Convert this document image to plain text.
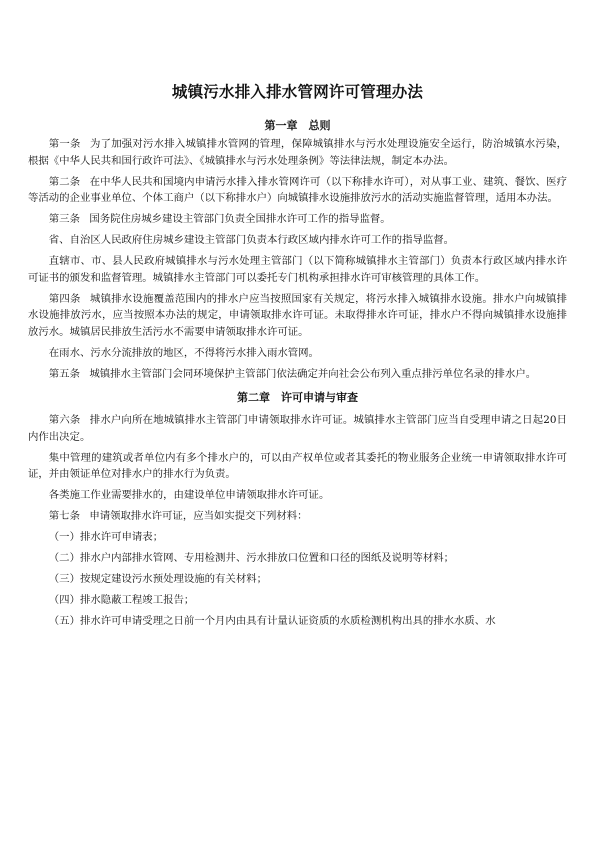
城镇污水排入排水管网许可管理办法
第一章　总则

第一条 为了加强对污水排入城镇排水管网的管理，保障城镇排水与污水处理设施安全运行，防治城镇水污染，根据《中华人民共和国行政许可法》、《城镇排水与污水处理条例》等法律法规，制定本办法。

第二条 在中华人民共和国境内申请污水排入排水管网许可（以下称排水许可），对从事工业、建筑、餐饮、医疗等活动的企业事业单位、个体工商户（以下称排水户）向城镇排水设施排放污水的活动实施监督管理，适用本办法。

第三条 国务院住房城乡建设主管部门负责全国排水许可工作的指导监督。

省、自治区人民政府住房城乡建设主管部门负责本行政区域内排水许可工作的指导监督。

直辖市、市、县人民政府城镇排水与污水处理主管部门（以下简称城镇排水主管部门）负责本行政区域内排水许可证书的颁发和监督管理。城镇排水主管部门可以委托专门机构承担排水许可审核管理的具体工作。

第四条 城镇排水设施覆盖范围内的排水户应当按照国家有关规定，将污水排入城镇排水设施。排水户向城镇排水设施排放污水，应当按照本办法的规定，申请领取排水许可证。未取得排水许可证，排水户不得向城镇排水设施排放污水。城镇居民排放生活污水不需要申请领取排水许可证。

在雨水、污水分流排放的地区，不得将污水排入雨水管网。

第五条 城镇排水主管部门会同环境保护主管部门依法确定并向社会公布列入重点排污单位名录的排水户。

第二章　许可申请与审查

第六条 排水户向所在地城镇排水主管部门申请领取排水许可证。城镇排水主管部门应当自受理申请之日起20日内作出决定。

集中管理的建筑或者单位内有多个排水户的，可以由产权单位或者其委托的物业服务企业统一申请领取排水许可证，并由领证单位对排水户的排水行为负责。

各类施工作业需要排水的，由建设单位申请领取排水许可证。

第七条 申请领取排水许可证，应当如实提交下列材料：

（一）排水许可申请表；

（二）排水户内部排水管网、专用检测井、污水排放口位置和口径的图纸及说明等材料；

（三）按规定建设污水预处理设施的有关材料；

（四）排水隐蔽工程竣工报告；

（五）排水许可申请受理之日前一个月内由具有计量认证资质的水质检测机构出具的排水水质、水
